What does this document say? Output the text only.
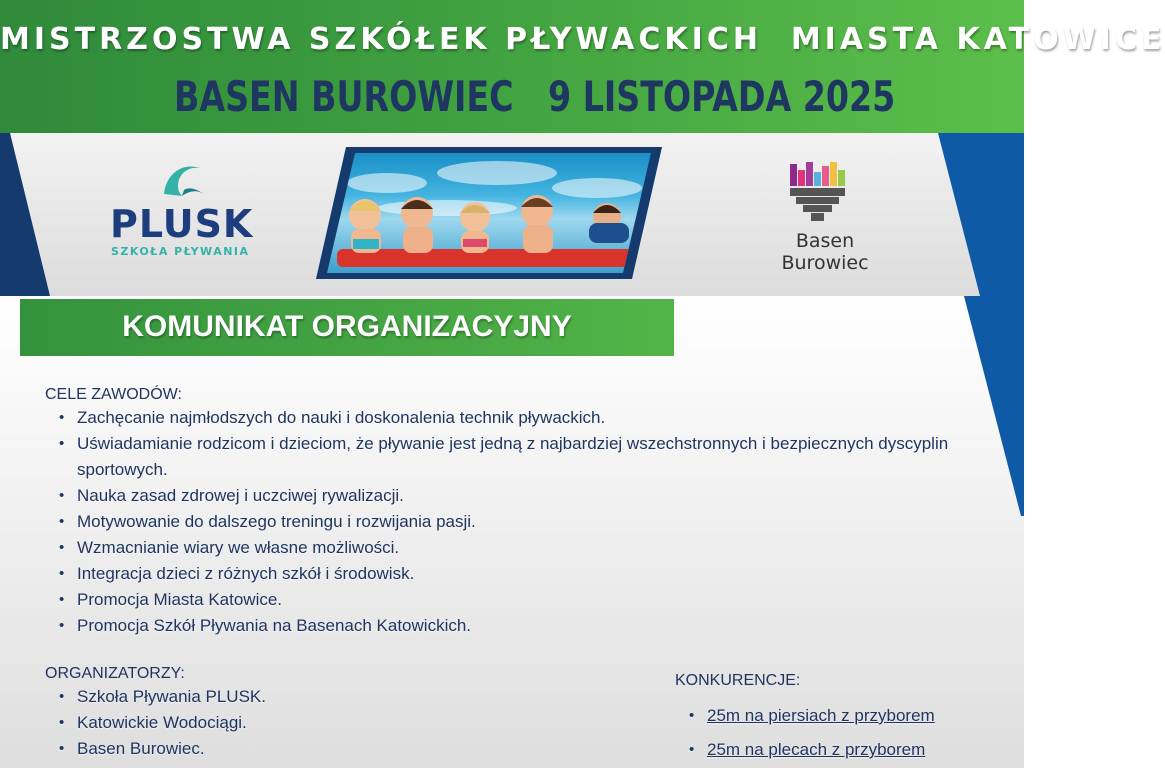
MISTRZOSTWA SZKÓŁEK PŁYWACKICH  MIASTA KATOWICE
BASEN BUROWIEC 9 LISTOPADA 2025
PLUSK
SZKOŁA PŁYWANIA	Basen
Burowiec
KOMUNIKAT ORGANIZACYJNY
CELE ZAWODÓW:
• Zachęcanie najmłodszych do nauki i doskonalenia technik pływackich.
• Uświadamianie rodzicom i dzieciom, że pływanie jest jedną z najbardziej wszechstronnych i bezpiecznych dyscyplin sportowych.
• Nauka zasad zdrowej i uczciwej rywalizacji.
• Motywowanie do dalszego treningu i rozwijania pasji.
• Wzmacnianie wiary we własne możliwości.
• Integracja dzieci z różnych szkół i środowisk.
• Promocja Miasta Katowice.
• Promocja Szkół Pływania na Basenach Katowickich.
ORGANIZATORZY:
• Szkoła Pływania PLUSK.
• Katowickie Wodociągi.
• Basen Burowiec.
KONKURENCJE:
• 25m na piersiach z przyborem
• 25m na plecach z przyborem
